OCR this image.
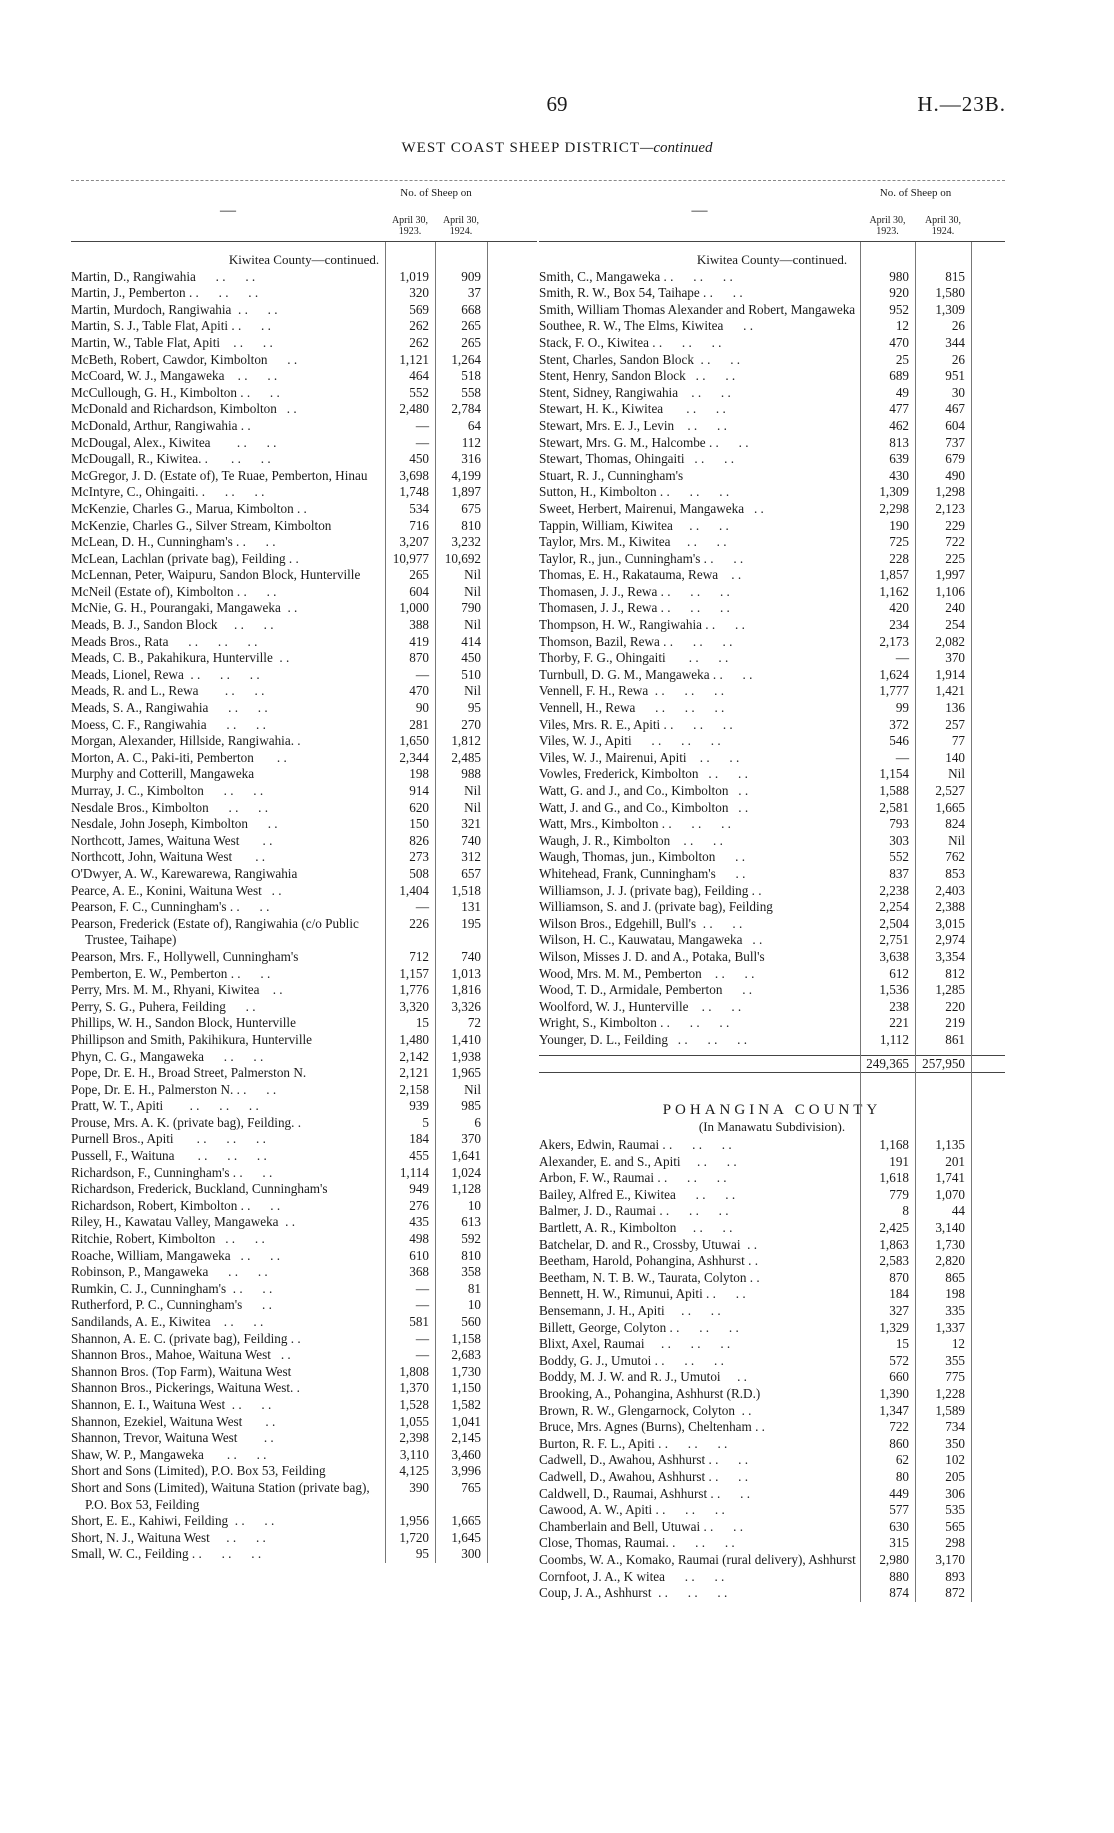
69	H.—23B.
WEST COAST SHEEP DISTRICT—continued
—
No. of Sheep on
April 30, 1923.
April 30, 1924.
Kiwitea County—continued.
Martin, D., Rangiwahia      . .      . .	1,019	909
Martin, J., Pemberton . .      . .      . .	320	37
Martin, Murdoch, Rangiwahia  . .      . .	569	668
Martin, S. J., Table Flat, Apiti . .      . .	262	265
Martin, W., Table Flat, Apiti    . .      . .	262	265
McBeth, Robert, Cawdor, Kimbolton      . .	1,121	1,264
McCoard, W. J., Mangaweka    . .      . .	464	518
McCullough, G. H., Kimbolton . .      . .	552	558
McDonald and Richardson, Kimbolton   . .	2,480	2,784
McDonald, Arthur, Rangiwahia . .	—	64
McDougal, Alex., Kiwitea        . .      . .	—	112
McDougall, R., Kiwitea. .       . .      . .	450	316
McGregor, J. D. (Estate of), Te Ruae, Pemberton, Hinau	3,698	4,199
McIntyre, C., Ohingaiti. .      . .      . .	1,748	1,897
McKenzie, Charles G., Marua, Kimbolton . .	534	675
McKenzie, Charles G., Silver Stream, Kimbolton	716	810
McLean, D. H., Cunningham's . .      . .	3,207	3,232
McLean, Lachlan (private bag), Feilding . .	10,977	10,692
McLennan, Peter, Waipuru, Sandon Block, Hunterville	265	Nil
McNeil (Estate of), Kimbolton . .      . .	604	Nil
McNie, G. H., Pourangaki, Mangaweka  . .	1,000	790
Meads, B. J., Sandon Block     . .      . .	388	Nil
Meads Bros., Rata      . .      . .      . .	419	414
Meads, C. B., Pakahikura, Hunterville  . .	870	450
Meads, Lionel, Rewa  . .      . .      . .	—	510
Meads, R. and L., Rewa        . .      . .	470	Nil
Meads, S. A., Rangiwahia      . .      . .	90	95
Moess, C. F., Rangiwahia      . .      . .	281	270
Morgan, Alexander, Hillside, Rangiwahia. .	1,650	1,812
Morton, A. C., Paki-iti, Pemberton       . .	2,344	2,485
Murphy and Cotterill, Mangaweka	198	988
Murray, J. C., Kimbolton      . .      . .	914	Nil
Nesdale Bros., Kimbolton      . .      . .	620	Nil
Nesdale, John Joseph, Kimbolton      . .	150	321
Northcott, James, Waituna West       . .	826	740
Northcott, John, Waituna West       . .	273	312
O'Dwyer, A. W., Karewarewa, Rangiwahia	508	657
Pearce, A. E., Konini, Waituna West   . .	1,404	1,518
Pearson, F. C., Cunningham's . .      . .	—	131
Pearson, Frederick (Estate of), Rangiwahia (c/o Public Trustee, Taihape)
226	195
Pearson, Mrs. F., Hollywell, Cunningham's	712	740
Pemberton, E. W., Pemberton . .      . .	1,157	1,013
Perry, Mrs. M. M., Rhyani, Kiwitea    . .	1,776	1,816
Perry, S. G., Puhera, Feilding      . .	3,320	3,326
Phillips, W. H., Sandon Block, Hunterville	15	72
Phillipson and Smith, Pakihikura, Hunterville	1,480	1,410
Phyn, C. G., Mangaweka      . .      . .	2,142	1,938
Pope, Dr. E. H., Broad Street, Palmerston N.	2,121	1,965
Pope, Dr. E. H., Palmerston N. . .      . .	2,158	Nil
Pratt, W. T., Apiti        . .      . .      . .	939	985
Prouse, Mrs. A. K. (private bag), Feilding. .	5	6
Purnell Bros., Apiti       . .      . .      . .	184	370
Pussell, F., Waituna       . .      . .      . .	455	1,641
Richardson, F., Cunningham's . .      . .	1,114	1,024
Richardson, Frederick, Buckland, Cunningham's	949	1,128
Richardson, Robert, Kimbolton . .      . .	276	10
Riley, H., Kawatau Valley, Mangaweka  . .	435	613
Ritchie, Robert, Kimbolton   . .      . .	498	592
Roache, William, Mangaweka   . .      . .	610	810
Robinson, P., Mangaweka      . .      . .	368	358
Rumkin, C. J., Cunningham's  . .      . .	—	81
Rutherford, P. C., Cunningham's      . .	—	10
Sandilands, A. E., Kiwitea    . .      . .	581	560
Shannon, A. E. C. (private bag), Feilding . .	—	1,158
Shannon Bros., Mahoe, Waituna West   . .	—	2,683
Shannon Bros. (Top Farm), Waituna West	1,808	1,730
Shannon Bros., Pickerings, Waituna West. .	1,370	1,150
Shannon, E. I., Waituna West  . .      . .	1,528	1,582
Shannon, Ezekiel, Waituna West       . .	1,055	1,041
Shannon, Trevor, Waituna West        . .	2,398	2,145
Shaw, W. P., Mangaweka       . .      . .	3,110	3,460
Short and Sons (Limited), P.O. Box 53, Feilding	4,125	3,996
Short and Sons (Limited), Waituna Station (private bag), P.O. Box 53, Feilding
390	765
Short, E. E., Kahiwi, Feilding  . .      . .	1,956	1,665
Short, N. J., Waituna West     . .      . .	1,720	1,645
Small, W. C., Feilding . .      . .      . .	95	300
—
No. of Sheep on
April 30, 1923.
April 30, 1924.
Kiwitea County—continued.
Smith, C., Mangaweka . .      . .      . .	980	815
Smith, R. W., Box 54, Taihape . .      . .	920	1,580
Smith, William Thomas Alexander and Robert, Mangaweka	952	1,309
Southee, R. W., The Elms, Kiwitea      . .	12	26
Stack, F. O., Kiwitea . .      . .      . .	470	344
Stent, Charles, Sandon Block  . .      . .	25	26
Stent, Henry, Sandon Block   . .      . .	689	951
Stent, Sidney, Rangiwahia    . .      . .	49	30
Stewart, H. K., Kiwitea       . .      . .	477	467
Stewart, Mrs. E. J., Levin    . .      . .	462	604
Stewart, Mrs. G. M., Halcombe . .      . .	813	737
Stewart, Thomas, Ohingaiti   . .      . .	639	679
Stuart, R. J., Cunningham's	430	490
Sutton, H., Kimbolton . .      . .      . .	1,309	1,298
Sweet, Herbert, Mairenui, Mangaweka   . .	2,298	2,123
Tappin, William, Kiwitea     . .      . .	190	229
Taylor, Mrs. M., Kiwitea     . .      . .	725	722
Taylor, R., jun., Cunningham's . .      . .	228	225
Thomas, E. H., Rakatauma, Rewa    . .	1,857	1,997
Thomasen, J. J., Rewa . .      . .      . .	1,162	1,106
Thomasen, J. J., Rewa . .      . .      . .	420	240
Thompson, H. W., Rangiwahia . .      . .	234	254
Thomson, Bazil, Rewa . .      . .      . .	2,173	2,082
Thorby, F. G., Ohingaiti       . .      . .	—	370
Turnbull, D. G. M., Mangaweka . .      . .	1,624	1,914
Vennell, F. H., Rewa  . .      . .      . .	1,777	1,421
Vennell, H., Rewa      . .      . .      . .	99	136
Viles, Mrs. R. E., Apiti . .      . .      . .	372	257
Viles, W. J., Apiti      . .      . .      . .	546	77
Viles, W. J., Mairenui, Apiti    . .      . .	—	140
Vowles, Frederick, Kimbolton   . .      . .	1,154	Nil
Watt, G. and J., and Co., Kimbolton   . .	1,588	2,527
Watt, J. and G., and Co., Kimbolton   . .	2,581	1,665
Watt, Mrs., Kimbolton . .      . .      . .	793	824
Waugh, J. R., Kimbolton    . .      . .	303	Nil
Waugh, Thomas, jun., Kimbolton      . .	552	762
Whitehead, Frank, Cunningham's      . .	837	853
Williamson, J. J. (private bag), Feilding . .	2,238	2,403
Williamson, S. and J. (private bag), Feilding	2,254	2,388
Wilson Bros., Edgehill, Bull's  . .      . .	2,504	3,015
Wilson, H. C., Kauwatau, Mangaweka   . .	2,751	2,974
Wilson, Misses J. D. and A., Potaka, Bull's	3,638	3,354
Wood, Mrs. M. M., Pemberton    . .      . .	612	812
Wood, T. D., Armidale, Pemberton      . .	1,536	1,285
Woolford, W. J., Hunterville    . .      . .	238	220
Wright, S., Kimbolton . .      . .      . .	221	219
Younger, D. L., Feilding   . .      . .      . .	1,112	861
249,365 257,950
POHANGINA COUNTY
(In Manawatu Subdivision).
Akers, Edwin, Raumai . .      . .      . .	1,168	1,135
Alexander, E. and S., Apiti     . .      . .	191	201
Arbon, F. W., Raumai . .      . .      . .	1,618	1,741
Bailey, Alfred E., Kiwitea      . .      . .	779	1,070
Balmer, J. D., Raumai . .      . .      . .	8	44
Bartlett, A. R., Kimbolton     . .      . .	2,425	3,140
Batchelar, D. and R., Crossby, Utuwai  . .	1,863	1,730
Beetham, Harold, Pohangina, Ashhurst . .	2,583	2,820
Beetham, N. T. B. W., Taurata, Colyton . .	870	865
Bennett, H. W., Rimunui, Apiti . .      . .	184	198
Bensemann, J. H., Apiti     . .      . .	327	335
Billett, George, Colyton . .      . .      . .	1,329	1,337
Blixt, Axel, Raumai     . .      . .      . .	15	12
Boddy, G. J., Umutoi . .      . .      . .	572	355
Boddy, M. J. W. and R. J., Umutoi     . .	660	775
Brooking, A., Pohangina, Ashhurst (R.D.)	1,390	1,228
Brown, R. W., Glengarnock, Colyton  . .	1,347	1,589
Bruce, Mrs. Agnes (Burns), Cheltenham . .	722	734
Burton, R. F. L., Apiti . .      . .      . .	860	350
Cadwell, D., Awahou, Ashhurst . .      . .	62	102
Cadwell, D., Awahou, Ashhurst . .      . .	80	205
Caldwell, D., Raumai, Ashhurst . .      . .	449	306
Cawood, A. W., Apiti . .      . .      . .	577	535
Chamberlain and Bell, Utuwai . .      . .	630	565
Close, Thomas, Raumai. .      . .      . .	315	298
Coombs, W. A., Komako, Raumai (rural delivery), Ashhurst	2,980	3,170
Cornfoot, J. A., K witea      . .      . .	880	893
Coup, J. A., Ashhurst  . .      . .      . .	874	872
